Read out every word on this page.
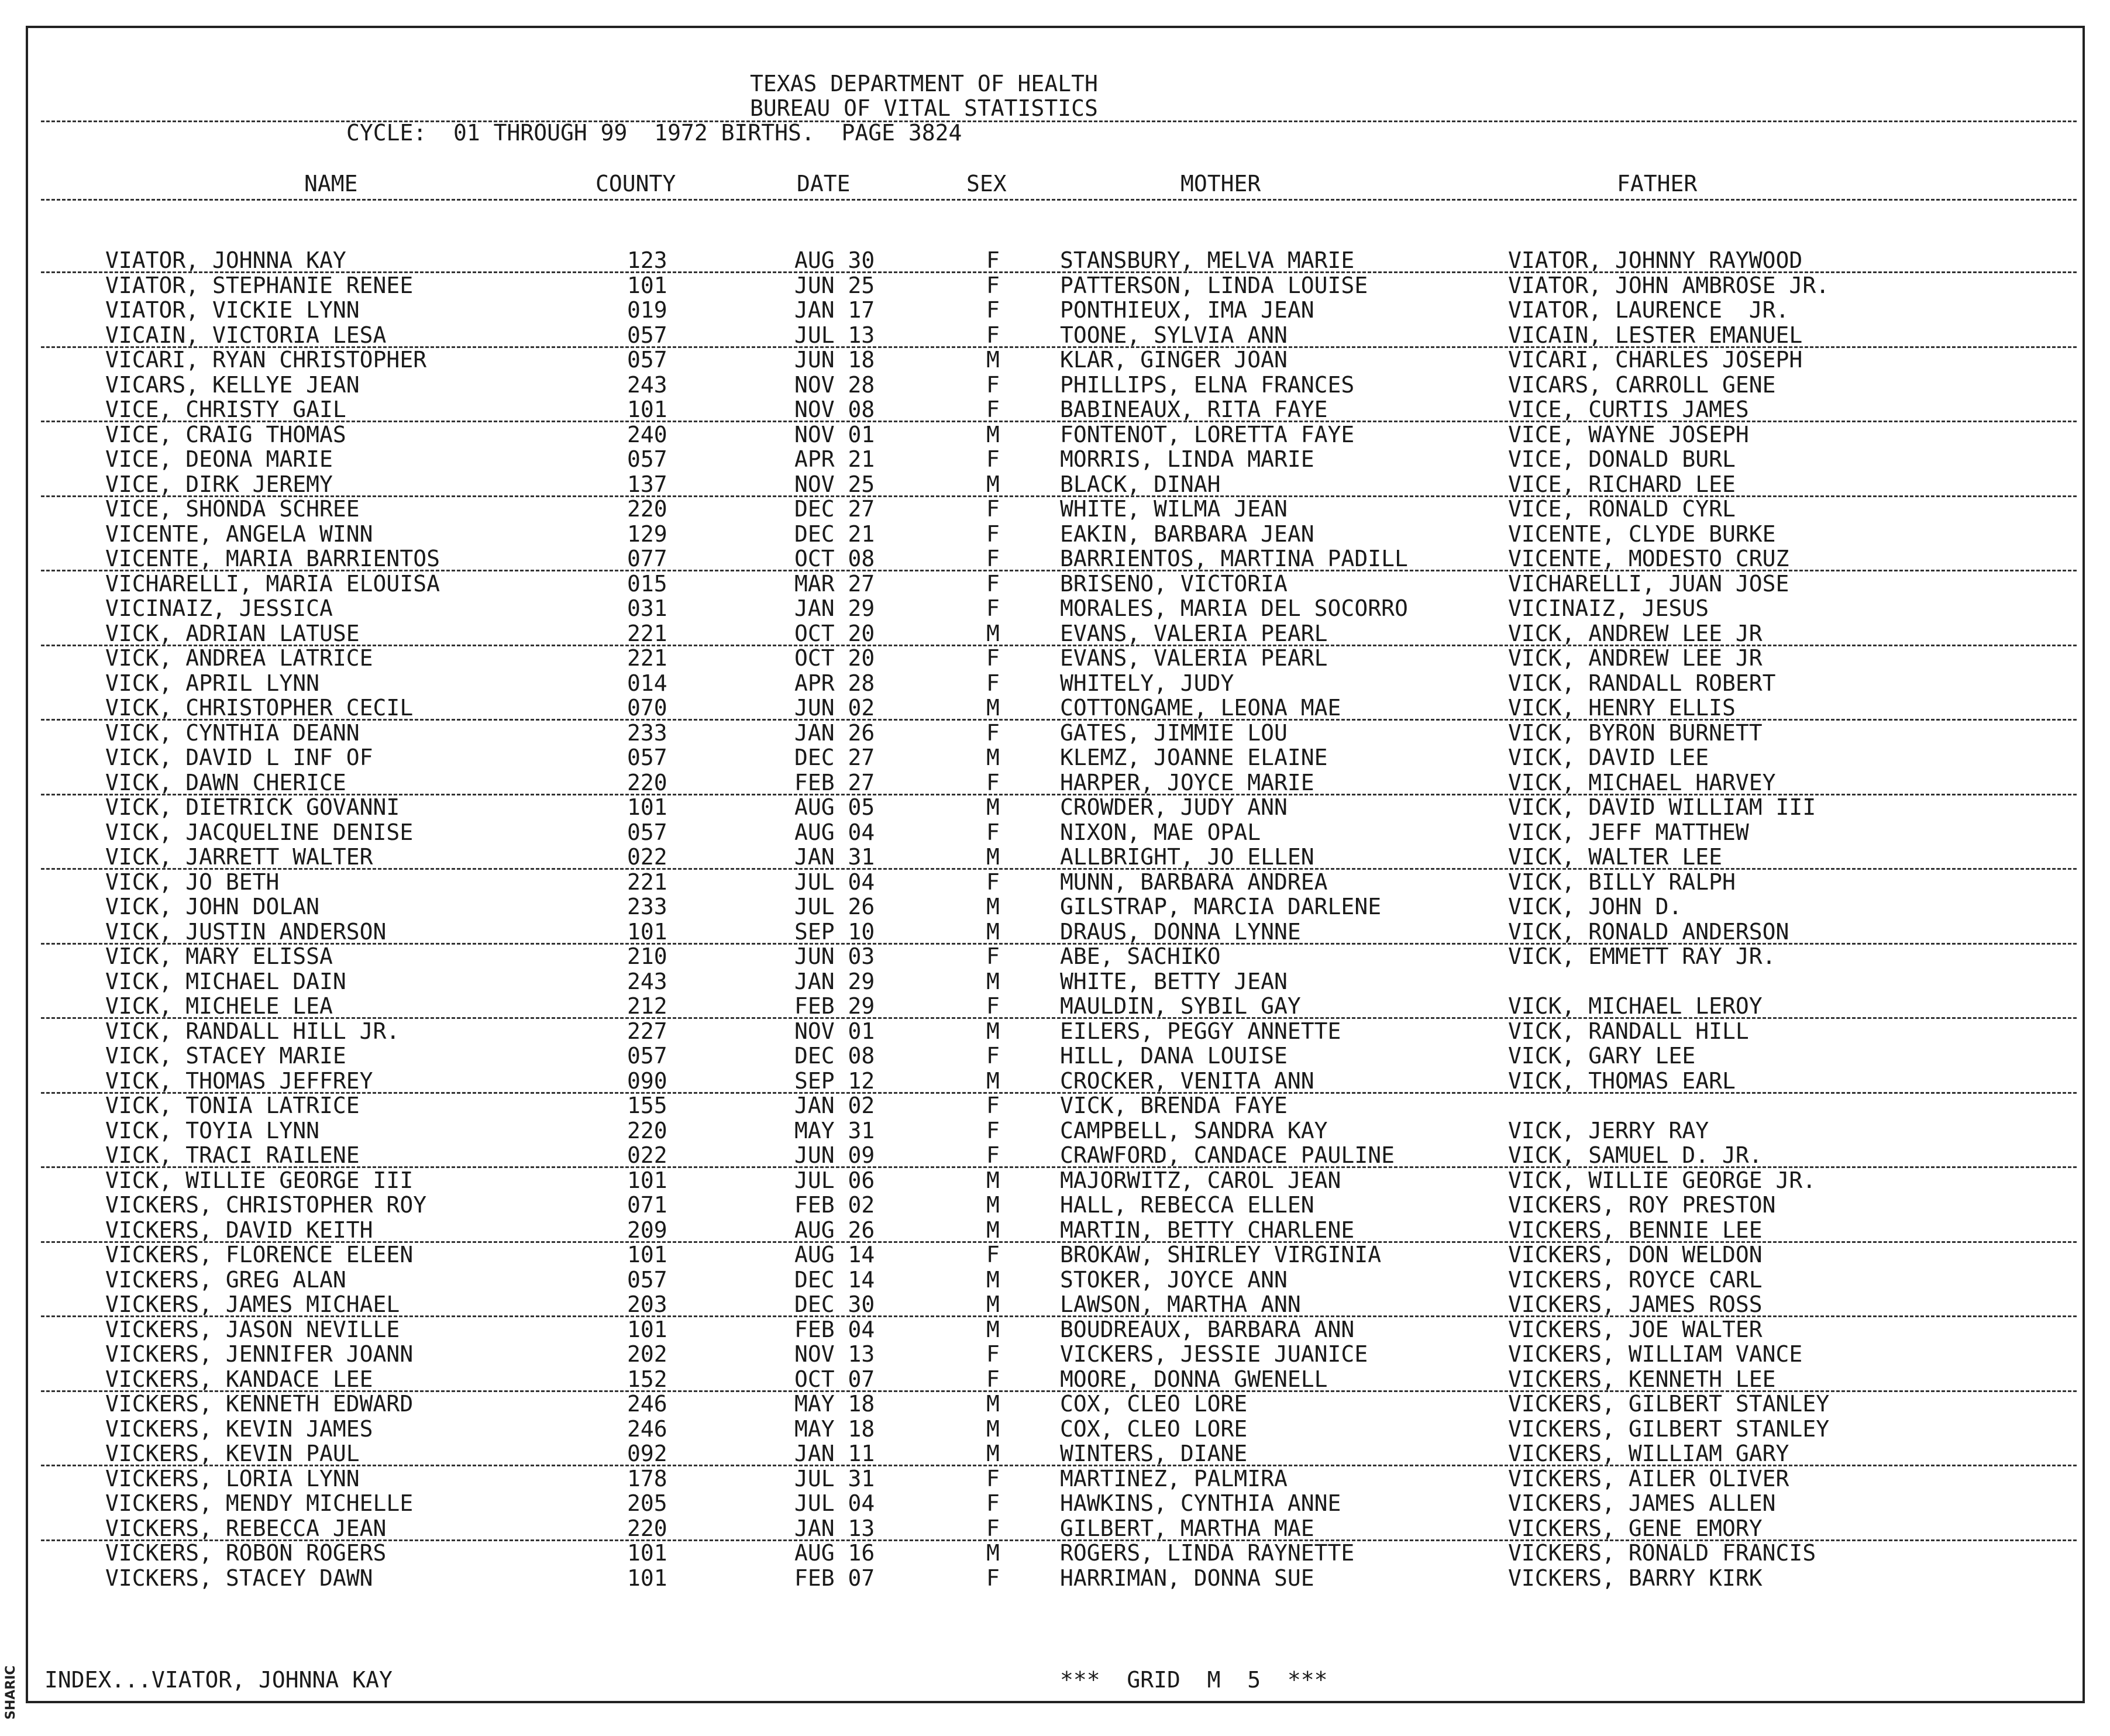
SHARIC
TEXAS DEPARTMENT OF HEALTH
BUREAU OF VITAL STATISTICS
CYCLE:  01 THROUGH 99  1972 BIRTHS.  PAGE 3824
NAME	COUNTY	DATE	SEX	MOTHER	FATHER
VIATOR, JOHNNA KAY	123	AUG 30	F	STANSBURY, MELVA MARIE	VIATOR, JOHNNY RAYWOOD
VIATOR, STEPHANIE RENEE	101	JUN 25	F	PATTERSON, LINDA LOUISE	VIATOR, JOHN AMBROSE JR.
VIATOR, VICKIE LYNN	019	JAN 17	F	PONTHIEUX, IMA JEAN	VIATOR, LAURENCE  JR.
VICAIN, VICTORIA LESA	057	JUL 13	F	TOONE, SYLVIA ANN	VICAIN, LESTER EMANUEL
VICARI, RYAN CHRISTOPHER	057	JUN 18	M	KLAR, GINGER JOAN	VICARI, CHARLES JOSEPH
VICARS, KELLYE JEAN	243	NOV 28	F	PHILLIPS, ELNA FRANCES	VICARS, CARROLL GENE
VICE, CHRISTY GAIL	101	NOV 08	F	BABINEAUX, RITA FAYE	VICE, CURTIS JAMES
VICE, CRAIG THOMAS	240	NOV 01	M	FONTENOT, LORETTA FAYE	VICE, WAYNE JOSEPH
VICE, DEONA MARIE	057	APR 21	F	MORRIS, LINDA MARIE	VICE, DONALD BURL
VICE, DIRK JEREMY	137	NOV 25	M	BLACK, DINAH	VICE, RICHARD LEE
VICE, SHONDA SCHREE	220	DEC 27	F	WHITE, WILMA JEAN	VICE, RONALD CYRL
VICENTE, ANGELA WINN	129	DEC 21	F	EAKIN, BARBARA JEAN	VICENTE, CLYDE BURKE
VICENTE, MARIA BARRIENTOS	077	OCT 08	F	BARRIENTOS, MARTINA PADILL	VICENTE, MODESTO CRUZ
VICHARELLI, MARIA ELOUISA	015	MAR 27	F	BRISENO, VICTORIA	VICHARELLI, JUAN JOSE
VICINAIZ, JESSICA	031	JAN 29	F	MORALES, MARIA DEL SOCORRO	VICINAIZ, JESUS
VICK, ADRIAN LATUSE	221	OCT 20	M	EVANS, VALERIA PEARL	VICK, ANDREW LEE JR
VICK, ANDREA LATRICE	221	OCT 20	F	EVANS, VALERIA PEARL	VICK, ANDREW LEE JR
VICK, APRIL LYNN	014	APR 28	F	WHITELY, JUDY	VICK, RANDALL ROBERT
VICK, CHRISTOPHER CECIL	070	JUN 02	M	COTTONGAME, LEONA MAE	VICK, HENRY ELLIS
VICK, CYNTHIA DEANN	233	JAN 26	F	GATES, JIMMIE LOU	VICK, BYRON BURNETT
VICK, DAVID L INF OF	057	DEC 27	M	KLEMZ, JOANNE ELAINE	VICK, DAVID LEE
VICK, DAWN CHERICE	220	FEB 27	F	HARPER, JOYCE MARIE	VICK, MICHAEL HARVEY
VICK, DIETRICK GOVANNI	101	AUG 05	M	CROWDER, JUDY ANN	VICK, DAVID WILLIAM III
VICK, JACQUELINE DENISE	057	AUG 04	F	NIXON, MAE OPAL	VICK, JEFF MATTHEW
VICK, JARRETT WALTER	022	JAN 31	M	ALLBRIGHT, JO ELLEN	VICK, WALTER LEE
VICK, JO BETH	221	JUL 04	F	MUNN, BARBARA ANDREA	VICK, BILLY RALPH
VICK, JOHN DOLAN	233	JUL 26	M	GILSTRAP, MARCIA DARLENE	VICK, JOHN D.
VICK, JUSTIN ANDERSON	101	SEP 10	M	DRAUS, DONNA LYNNE	VICK, RONALD ANDERSON
VICK, MARY ELISSA	210	JUN 03	F	ABE, SACHIKO	VICK, EMMETT RAY JR.
VICK, MICHAEL DAIN	243	JAN 29	M	WHITE, BETTY JEAN
VICK, MICHELE LEA	212	FEB 29	F	MAULDIN, SYBIL GAY	VICK, MICHAEL LEROY
VICK, RANDALL HILL JR.	227	NOV 01	M	EILERS, PEGGY ANNETTE	VICK, RANDALL HILL
VICK, STACEY MARIE	057	DEC 08	F	HILL, DANA LOUISE	VICK, GARY LEE
VICK, THOMAS JEFFREY	090	SEP 12	M	CROCKER, VENITA ANN	VICK, THOMAS EARL
VICK, TONIA LATRICE	155	JAN 02	F	VICK, BRENDA FAYE
VICK, TOYIA LYNN	220	MAY 31	F	CAMPBELL, SANDRA KAY	VICK, JERRY RAY
VICK, TRACI RAILENE	022	JUN 09	F	CRAWFORD, CANDACE PAULINE	VICK, SAMUEL D. JR.
VICK, WILLIE GEORGE III	101	JUL 06	M	MAJORWITZ, CAROL JEAN	VICK, WILLIE GEORGE JR.
VICKERS, CHRISTOPHER ROY	071	FEB 02	M	HALL, REBECCA ELLEN	VICKERS, ROY PRESTON
VICKERS, DAVID KEITH	209	AUG 26	M	MARTIN, BETTY CHARLENE	VICKERS, BENNIE LEE
VICKERS, FLORENCE ELEEN	101	AUG 14	F	BROKAW, SHIRLEY VIRGINIA	VICKERS, DON WELDON
VICKERS, GREG ALAN	057	DEC 14	M	STOKER, JOYCE ANN	VICKERS, ROYCE CARL
VICKERS, JAMES MICHAEL	203	DEC 30	M	LAWSON, MARTHA ANN	VICKERS, JAMES ROSS
VICKERS, JASON NEVILLE	101	FEB 04	M	BOUDREAUX, BARBARA ANN	VICKERS, JOE WALTER
VICKERS, JENNIFER JOANN	202	NOV 13	F	VICKERS, JESSIE JUANICE	VICKERS, WILLIAM VANCE
VICKERS, KANDACE LEE	152	OCT 07	F	MOORE, DONNA GWENELL	VICKERS, KENNETH LEE
VICKERS, KENNETH EDWARD	246	MAY 18	M	COX, CLEO LORE	VICKERS, GILBERT STANLEY
VICKERS, KEVIN JAMES	246	MAY 18	M	COX, CLEO LORE	VICKERS, GILBERT STANLEY
VICKERS, KEVIN PAUL	092	JAN 11	M	WINTERS, DIANE	VICKERS, WILLIAM GARY
VICKERS, LORIA LYNN	178	JUL 31	F	MARTINEZ, PALMIRA	VICKERS, AILER OLIVER
VICKERS, MENDY MICHELLE	205	JUL 04	F	HAWKINS, CYNTHIA ANNE	VICKERS, JAMES ALLEN
VICKERS, REBECCA JEAN	220	JAN 13	F	GILBERT, MARTHA MAE	VICKERS, GENE EMORY
VICKERS, ROBON ROGERS	101	AUG 16	M	ROGERS, LINDA RAYNETTE	VICKERS, RONALD FRANCIS
VICKERS, STACEY DAWN	101	FEB 07	F	HARRIMAN, DONNA SUE	VICKERS, BARRY KIRK
INDEX...VIATOR, JOHNNA KAY	***  GRID  M  5  ***
